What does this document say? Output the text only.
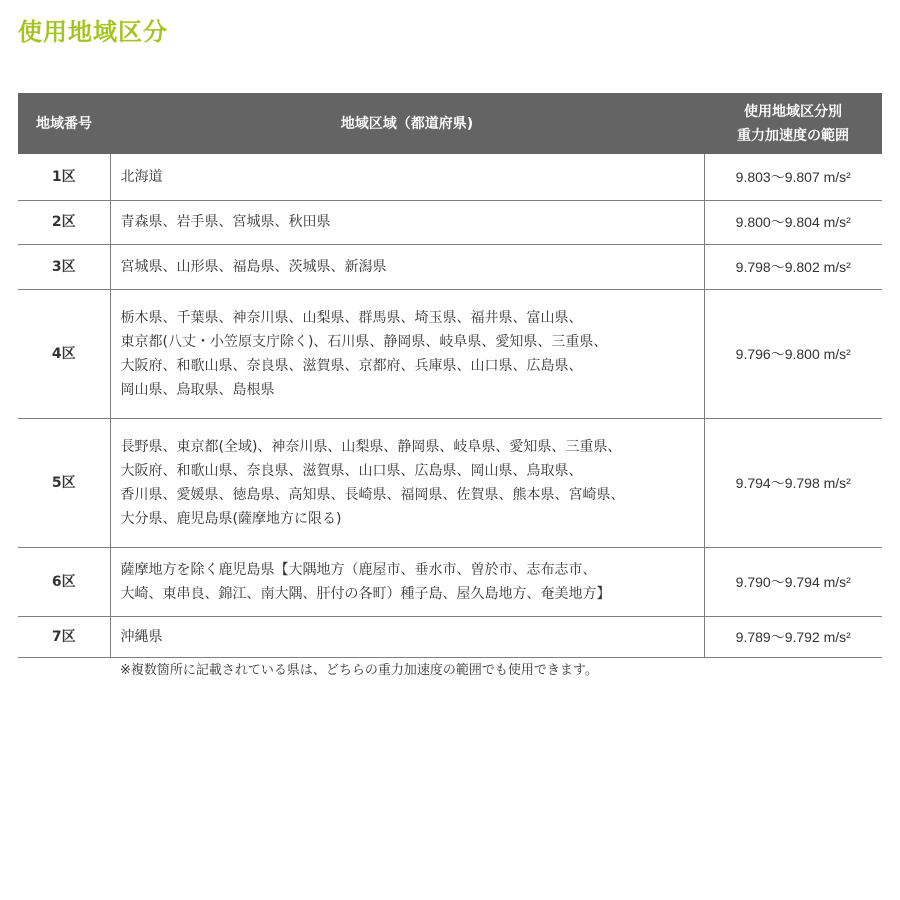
使用地域区分
地域番号	地域区域（都道府県)	使用地域区分別
重力加速度の範囲

1区	北海道	9.803〜9.807 m/s²
2区	青森県、岩手県、宮城県、秋田県	9.800〜9.804 m/s²
3区	宮城県、山形県、福島県、茨城県、新潟県	9.798〜9.802 m/s²
4区	栃木県、千葉県、神奈川県、山梨県、群馬県、埼玉県、福井県、富山県、
東京都(八丈・小笠原支庁除く)、石川県、静岡県、岐阜県、愛知県、三重県、
大阪府、和歌山県、奈良県、滋賀県、京都府、兵庫県、山口県、広島県、
岡山県、鳥取県、島根県	9.796〜9.800 m/s²
5区	長野県、東京都(全域)、神奈川県、山梨県、静岡県、岐阜県、愛知県、三重県、
大阪府、和歌山県、奈良県、滋賀県、山口県、広島県、岡山県、鳥取県、
香川県、愛媛県、徳島県、高知県、長崎県、福岡県、佐賀県、熊本県、宮崎県、
大分県、鹿児島県(薩摩地方に限る)	9.794〜9.798 m/s²
6区	薩摩地方を除く鹿児島県【大隅地方（鹿屋市、垂水市、曽於市、志布志市、
大崎、東串良、錦江、南大隅、肝付の各町）種子島、屋久島地方、奄美地方】	9.790〜9.794 m/s²
7区	沖縄県	9.789〜9.792 m/s²
※複数箇所に記載されている県は、どちらの重力加速度の範囲でも使用できます。
